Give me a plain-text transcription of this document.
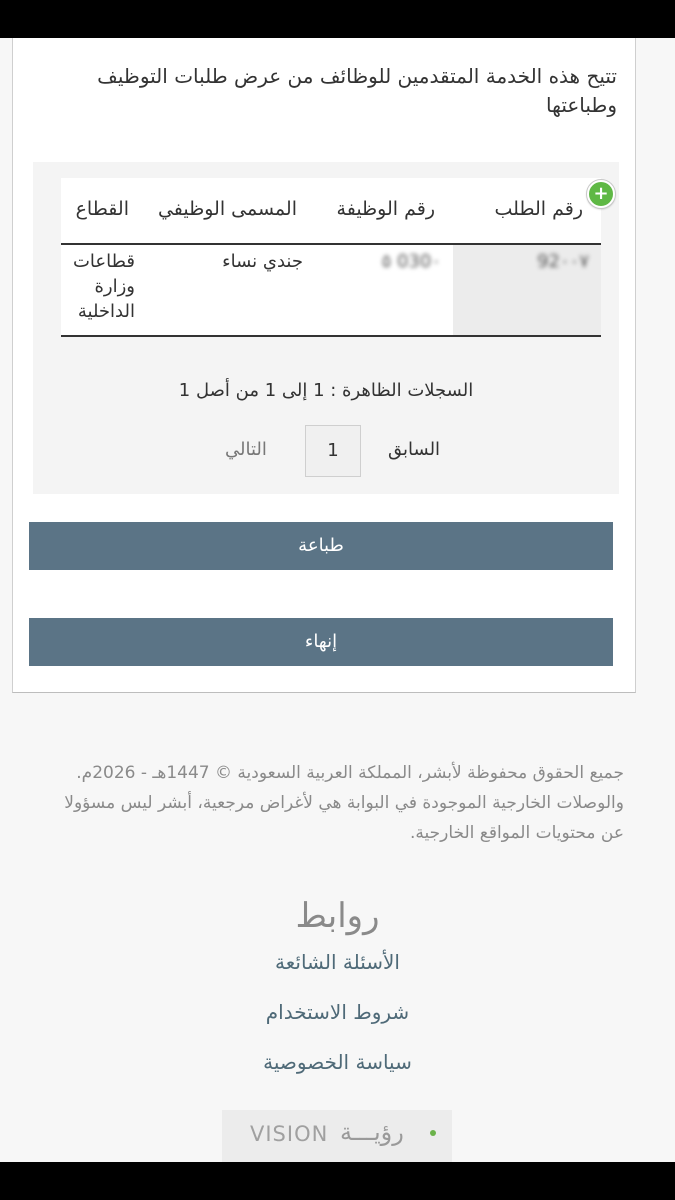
تتيح هذه الخدمة المتقدمين للوظائف من عرض طلبات التوظيف وطباعتها
رقم الطلب	رقم الوظيفة	المسمى الوظيفي	القطاع
92٠٠٧	030٠ ٥	جندي نساء	قطاعات وزارة الداخلية
+
السجلات الظاهرة : 1 إلى 1 من أصل 1
السابق
1
التالي
طباعة
إنهاء
جميع الحقوق محفوظة لأبشر، المملكة العربية السعودية © 1447هـ - 2026م. والوصلات الخارجية الموجودة في البوابة هي لأغراض مرجعية، أبشر ليس مسؤولا عن محتويات المواقع الخارجية.
روابط
الأسئلة الشائعة
شروط الاستخدام
سياسة الخصوصية
VISION رؤيـــة
